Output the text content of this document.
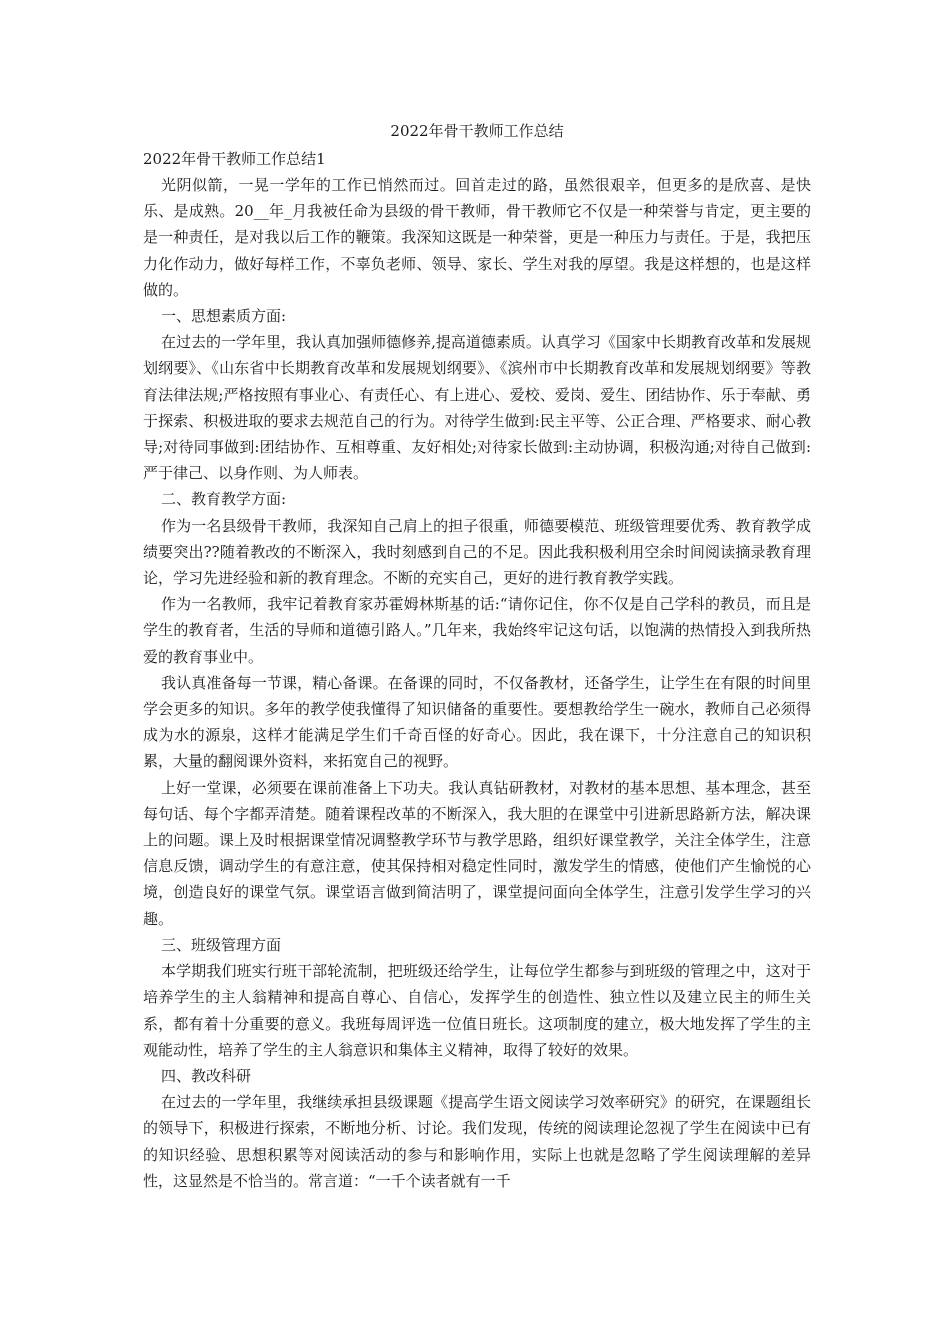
2022年骨干教师工作总结
2022年骨干教师工作总结1

光阴似箭，一晃一学年的工作已悄然而过。回首走过的路，虽然很艰辛，但更多的是欣喜、是快乐、是成熟。20__年_月我被任命为县级的骨干教师，骨干教师它不仅是一种荣誉与肯定，更主要的是一种责任，是对我以后工作的鞭策。我深知这既是一种荣誉，更是一种压力与责任。于是，我把压力化作动力，做好每样工作，不辜负老师、领导、家长、学生对我的厚望。我是这样想的，也是这样做的。

一、思想素质方面:

在过去的一学年里，我认真加强师德修养,提高道德素质。认真学习《国家中长期教育改革和发展规划纲要》、《山东省中长期教育改革和发展规划纲要》、《滨州市中长期教育改革和发展规划纲要》等教育法律法规;严格按照有事业心、有责任心、有上进心、爱校、爱岗、爱生、团结协作、乐于奉献、勇于探索、积极进取的要求去规范自己的行为。对待学生做到:民主平等、公正合理、严格要求、耐心教导;对待同事做到:团结协作、互相尊重、友好相处;对待家长做到:主动协调，积极沟通;对待自己做到:严于律己、以身作则、为人师表。

二、教育教学方面:

作为一名县级骨干教师，我深知自己肩上的担子很重，师德要模范、班级管理要优秀、教育教学成绩要突出??随着教改的不断深入，我时刻感到自己的不足。因此我积极利用空余时间阅读摘录教育理论，学习先进经验和新的教育理念。不断的充实自己，更好的进行教育教学实践。

作为一名教师，我牢记着教育家苏霍姆林斯基的话:“请你记住，你不仅是自己学科的教员，而且是学生的教育者，生活的导师和道德引路人。”几年来，我始终牢记这句话，以饱满的热情投入到我所热爱的教育事业中。

我认真准备每一节课，精心备课。在备课的同时，不仅备教材，还备学生，让学生在有限的时间里学会更多的知识。多年的教学使我懂得了知识储备的重要性。要想教给学生一碗水，教师自己必须得成为水的源泉，这样才能满足学生们千奇百怪的好奇心。因此，我在课下，十分注意自己的知识积累，大量的翻阅课外资料，来拓宽自己的视野。

上好一堂课，必须要在课前准备上下功夫。我认真钻研教材，对教材的基本思想、基本理念，甚至每句话、每个字都弄清楚。随着课程改革的不断深入，我大胆的在课堂中引进新思路新方法，解决课上的问题。课上及时根据课堂情况调整教学环节与教学思路，组织好课堂教学，关注全体学生，注意信息反馈，调动学生的有意注意，使其保持相对稳定性同时，激发学生的情感，使他们产生愉悦的心境，创造良好的课堂气氛。课堂语言做到简洁明了，课堂提问面向全体学生，注意引发学生学习的兴趣。

三、班级管理方面

本学期我们班实行班干部轮流制，把班级还给学生，让每位学生都参与到班级的管理之中，这对于培养学生的主人翁精神和提高自尊心、自信心，发挥学生的创造性、独立性以及建立民主的师生关系，都有着十分重要的意义。我班每周评选一位值日班长。这项制度的建立，极大地发挥了学生的主观能动性，培养了学生的主人翁意识和集体主义精神，取得了较好的效果。

四、教改科研

在过去的一学年里，我继续承担县级课题《提高学生语文阅读学习效率研究》的研究，在课题组长的领导下，积极进行探索，不断地分析、讨论。我们发现，传统的阅读理论忽视了学生在阅读中已有的知识经验、思想积累等对阅读活动的参与和影响作用，实际上也就是忽略了学生阅读理解的差异性，这显然是不恰当的。常言道：“一千个读者就有一千
